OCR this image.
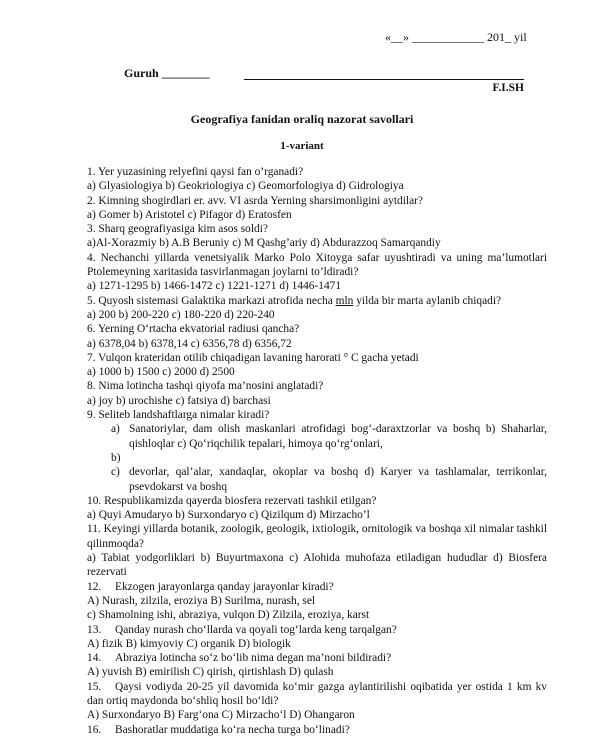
«__» ____________ 201_ yil
Guruh ________
F.I.SH
Geografiya fanidan oraliq nazorat savollari
1-variant
1. Yer yuzasining relyefini qaysi fan o’rganadi?
a) Glyasiologiya b) Geokriologiya c) Geomorfologiya d) Gidrologiya
2. Kimning shogirdlari er. avv. VI asrda Yerning sharsimonligini aytdilar?
a) Gomer b) Aristotel c) Pifagor d) Eratosfen
3. Sharq geografiyasiga kim asos soldi?
a)Al-Xorazmiy b) A.B Beruniy c) M Qashg’ariy d) Abdurazzoq Samarqandiy
4. Nechanchi yillarda venetsiyalik Marko Polo Xitoyga safar uyushtiradi va uning ma’lumotlari Ptolemeyning xaritasida tasvirlanmagan joylarni to’ldiradi?
a) 1271-1295 b) 1466-1472 c) 1221-1271 d) 1446-1471
5. Quyosh sistemasi Galaktika markazi atrofida necha mln yilda bir marta aylanib chiqadi?
a) 200 b) 200-220 c) 180-220 d) 220-240
6. Yerning O‘rtacha ekvatorial radiusi qancha?
a) 6378,04 b) 6378,14 c) 6356,78 d) 6356,72
7. Vulqon krateridan otilib chiqadigan lavaning harorati ° C gacha yetadi
a) 1000 b) 1500 c) 2000 d) 2500
8. Nima lotincha tashqi qiyofa ma’nosini anglatadi?
a) joy b) urochishe c) fatsiya d) barchasi
9. Seliteb landshaftlarga nimalar kiradi?
a) Sanatoriylar, dam olish maskanlari atrofidagi bog‘-daraxtzorlar va boshq b) Shaharlar, qishloqlar c) Qo‘riqchilik tepalari, himoya qo‘rg‘onlari,
b)
c) devorlar, qal’alar, xandaqlar, okoplar va boshq d) Karyer va tashlamalar, terrikonlar, psevdokarst va boshq
10. Respublikamizda qayerda biosfera rezervati tashkil etilgan?
a) Quyi Amudaryo b) Surxondaryo c) Qizilqum d) Mirzacho’l
11. Keyingi yillarda botanik, zoologik, geologik, ixtiologik, ornitologik va boshqa xil nimalar tashkil qilinmoqda?
a) Tabiat yodgorliklari b) Buyurtmaxona c) Alohida muhofaza etiladigan hududlar d) Biosfera rezervati
12. Ekzogen jarayonlarga qanday jarayonlar kiradi?
A) Nurash, zilzila, eroziya B) Surilma, nurash, sel
c) Shamolning ishi, abraziya, vulqon D) Zilzila, eroziya, karst
13. Qanday nurash cho‘llarda va qoyali tog‘larda keng tarqalgan?
A) fizik B) kimyoviy C) organik D) biologik
14. Abraziya lotincha so‘z bo‘lib nima degan ma’noni bildiradi?
A) yuvish B) emirilish C) qirish, qirtishlash D) qulash
15. Qaysi vodiyda 20-25 yil davomida ko‘mir gazga aylantirilishi oqibatida yer ostida 1 km kv dan ortiq maydonda bo‘shliq hosil bo‘ldi?
A) Surxondaryo B) Farg‘ona C) Mirzacho‘l D) Ohangaron
16. Bashoratlar muddatiga ko‘ra necha turga bo‘linadi?
